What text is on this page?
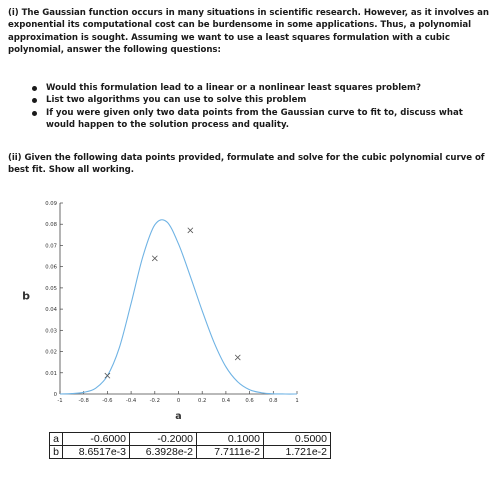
(i) The Gaussian function occurs in many situations in scientific research. However, as it involves an exponential its computational cost can be burdensome in some applications. Thus, a polynomial approximation is sought. Assuming we want to use a least squares formulation with a cubic polynomial, answer the following questions:
Would this formulation lead to a linear or a nonlinear least squares problem?
List two algorithms you can use to solve this problem
If you were given only two data points from the Gaussian curve to fit to, discuss what would happen to the solution process and quality.
(ii) Given the following data points provided, formulate and solve for the cubic polynomial curve of best fit. Show all working.
0
0.01
0.02
0.03
0.04
0.05
0.06
0.07
0.08
0.09
-1	-0.8	-0.6	-0.4	-0.2	0	0.2	0.4	0.6	0.8	1
b
a
a	-0.6000	-0.2000	0.1000	0.5000
b	8.6517e-3	6.3928e-2	7.7111e-2	1.721e-2
